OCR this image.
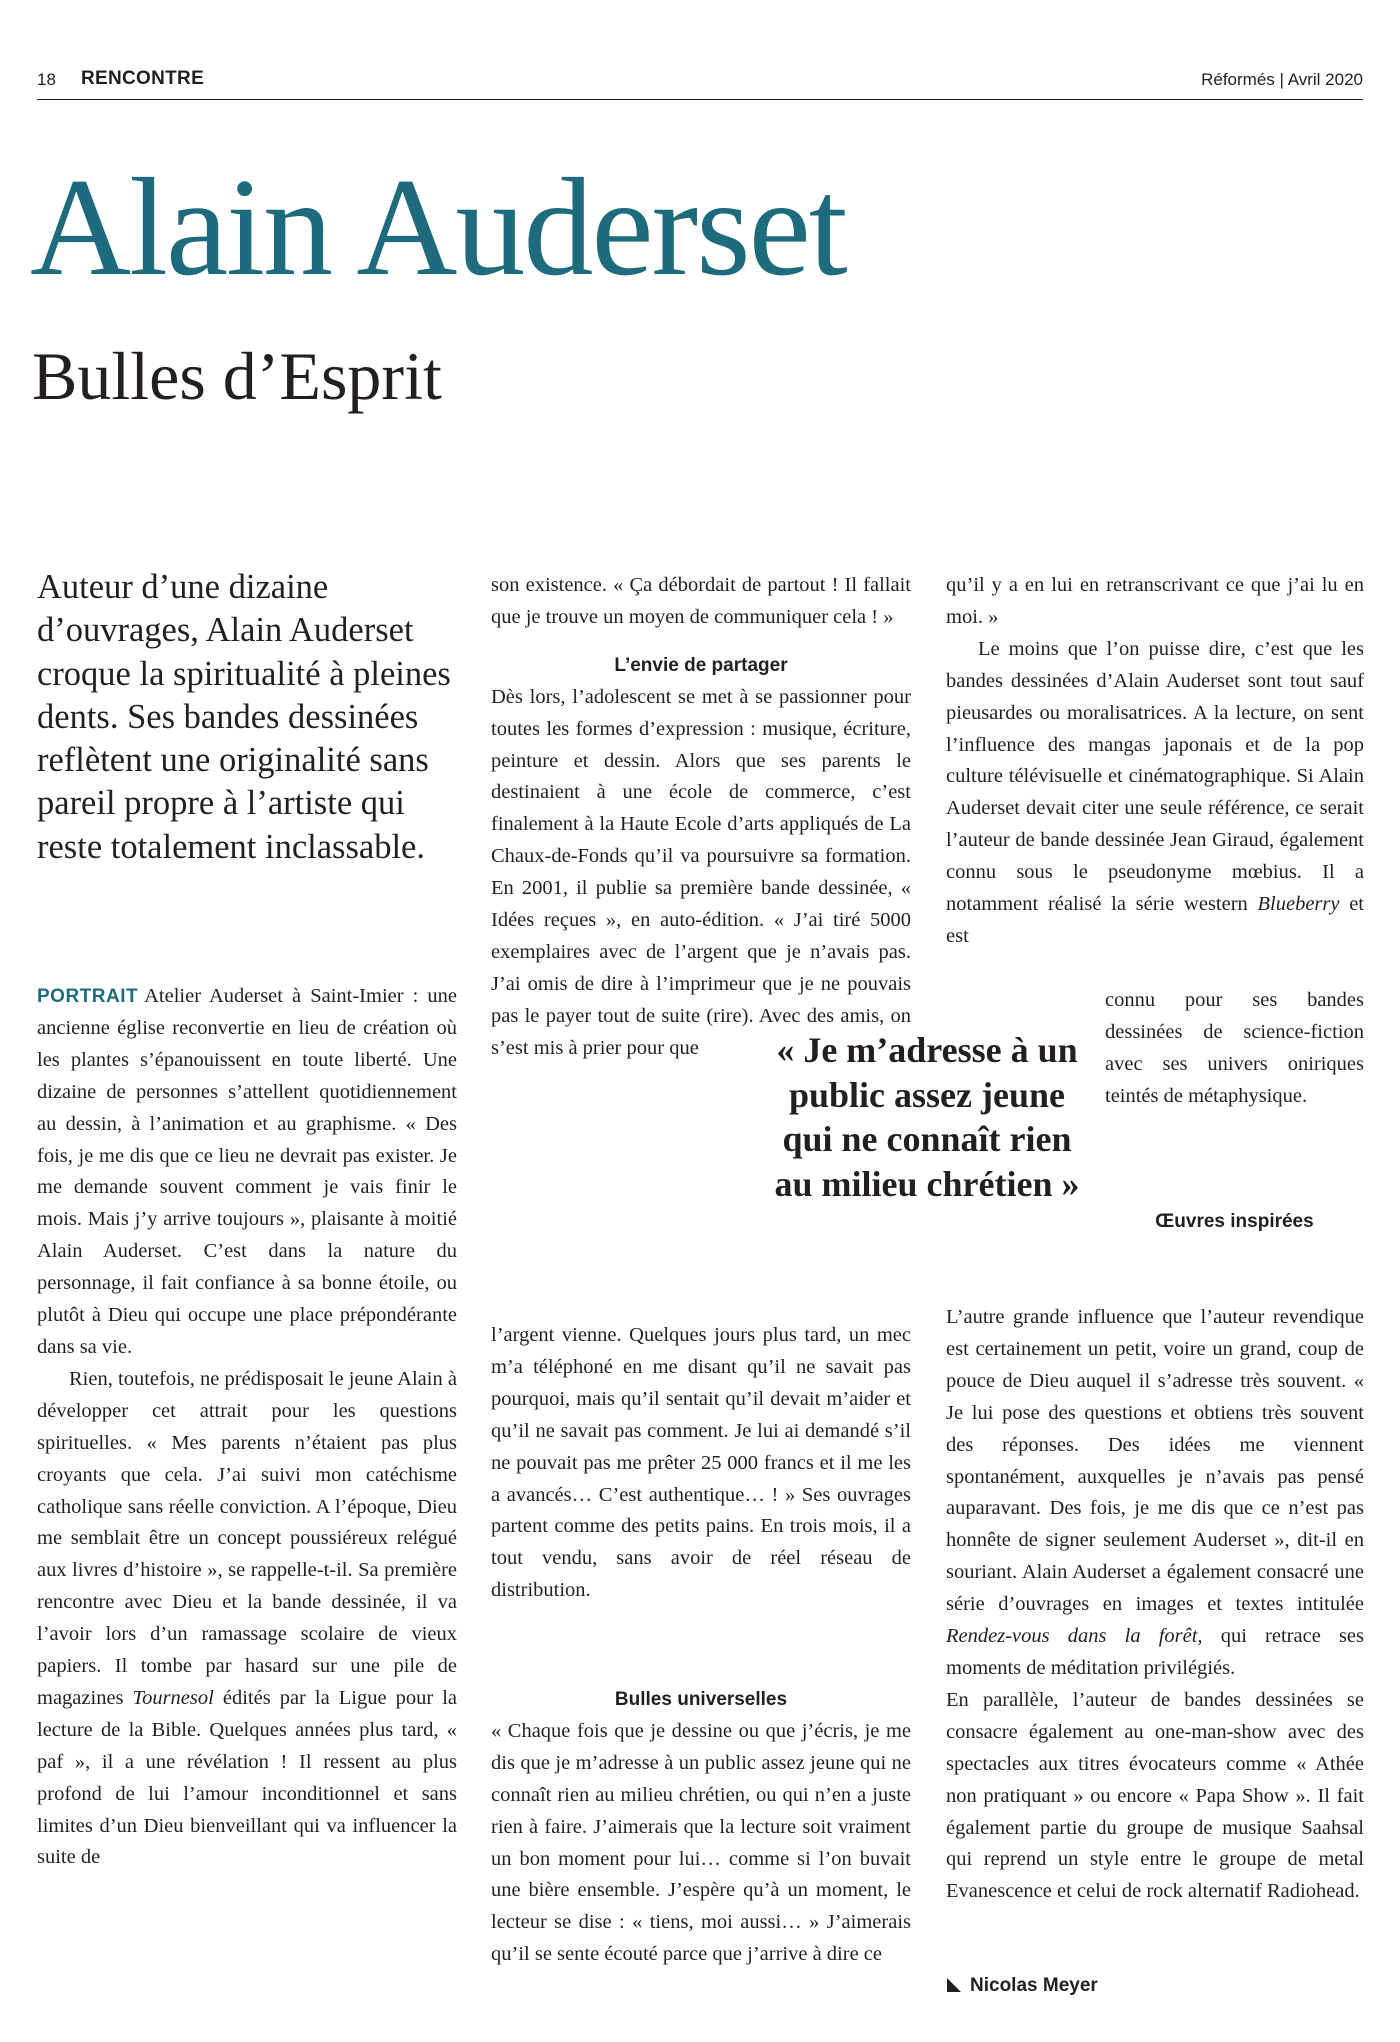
18 RENCONTRE	Réformés | Avril 2020
Alain Auderset
Bulles d’Esprit

Auteur d’une dizaine d’ouvrages, Alain Auderset croque la spiritualité à pleines dents. Ses bandes dessinées reflètent une originalité sans pareil propre à l’artiste qui reste totalement inclassable.

PORTRAIT Atelier Auderset à Saint-Imier : une ancienne église reconvertie en lieu de création où les plantes s’épanouissent en toute liberté. Une dizaine de personnes s’attellent quotidiennement au dessin, à l’animation et au graphisme. « Des fois, je me dis que ce lieu ne devrait pas exister. Je me demande souvent comment je vais finir le mois. Mais j’y arrive toujours », plaisante à moitié Alain Auderset. C’est dans la nature du personnage, il fait confiance à sa bonne étoile, ou plutôt à Dieu qui occupe une place prépondérante dans sa vie.

Rien, toutefois, ne prédisposait le jeune Alain à développer cet attrait pour les questions spirituelles. « Mes parents n’étaient pas plus croyants que cela. J’ai suivi mon catéchisme catholique sans réelle conviction. A l’époque, Dieu me semblait être un concept poussiéreux relégué aux livres d’histoire », se rappelle-t-il. Sa première rencontre avec Dieu et la bande dessinée, il va l’avoir lors d’un ramassage scolaire de vieux papiers. Il tombe par hasard sur une pile de magazines Tournesol édités par la Ligue pour la lecture de la Bible. Quelques années plus tard, « paf », il a une révélation ! Il ressent au plus profond de lui l’amour inconditionnel et sans limites d’un Dieu bienveillant qui va influencer la suite de

son existence. « Ça débordait de partout ! Il fallait que je trouve un moyen de communiquer cela ! »

L’envie de partager

Dès lors, l’adolescent se met à se passionner pour toutes les formes d’expression : musique, écriture, peinture et dessin. Alors que ses parents le destinaient à une école de commerce, c’est finalement à la Haute Ecole d’arts appliqués de La Chaux-de-Fonds qu’il va poursuivre sa formation. En 2001, il publie sa première bande dessinée, « Idées reçues », en auto-édition. « J’ai tiré 5000 exemplaires avec de l’argent que je n’avais pas. J’ai omis de dire à l’imprimeur que je ne pouvais pas le payer tout de suite (rire). Avec des amis, on s’est mis à prier pour que

l’argent vienne. Quelques jours plus tard, un mec m’a téléphoné en me disant qu’il ne savait pas pourquoi, mais qu’il sentait qu’il devait m’aider et qu’il ne savait pas comment. Je lui ai demandé s’il ne pouvait pas me prêter 25 000 francs et il me les a avancés… C’est authentique… ! » Ses ouvrages partent comme des petits pains. En trois mois, il a tout vendu, sans avoir de réel réseau de distribution.

Bulles universelles

« Chaque fois que je dessine ou que j’écris, je me dis que je m’adresse à un public assez jeune qui ne connaît rien au milieu chrétien, ou qui n’en a juste rien à faire. J’aimerais que la lecture soit vraiment un bon moment pour lui… comme si l’on buvait une bière ensemble. J’espère qu’à un moment, le lecteur se dise : « tiens, moi aussi… » J’aimerais qu’il se sente écouté parce que j’arrive à dire ce

« Je m’adresse à un public assez jeune qui ne connaît rien au milieu chrétien »

qu’il y a en lui en retranscrivant ce que j’ai lu en moi. »

Le moins que l’on puisse dire, c’est que les bandes dessinées d’Alain Auderset sont tout sauf pieusardes ou moralisatrices. A la lecture, on sent l’influence des mangas japonais et de la pop culture télévisuelle et cinématographique. Si Alain Auderset devait citer une seule référence, ce serait l’auteur de bande dessinée Jean Giraud, également connu sous le pseudonyme mœbius. Il a notamment réalisé la série western Blueberry et est

connu pour ses bandes dessinées de science-fiction avec ses univers oniriques teintés de métaphysique.

Œuvres inspirées

L’autre grande influence que l’auteur revendique est certainement un petit, voire un grand, coup de pouce de Dieu auquel il s’adresse très souvent. « Je lui pose des questions et obtiens très souvent des réponses. Des idées me viennent spontanément, auxquelles je n’avais pas pensé auparavant. Des fois, je me dis que ce n’est pas honnête de signer seulement Auderset », dit-il en souriant. Alain Auderset a également consacré une série d’ouvrages en images et textes intitulée Rendez-vous dans la forêt, qui retrace ses moments de méditation privilégiés.

En parallèle, l’auteur de bandes dessinées se consacre également au one-man-show avec des spectacles aux titres évocateurs comme « Athée non pratiquant » ou encore « Papa Show ». Il fait également partie du groupe de musique Saahsal qui reprend un style entre le groupe de metal Evanescence et celui de rock alternatif Radiohead.

Nicolas Meyer
